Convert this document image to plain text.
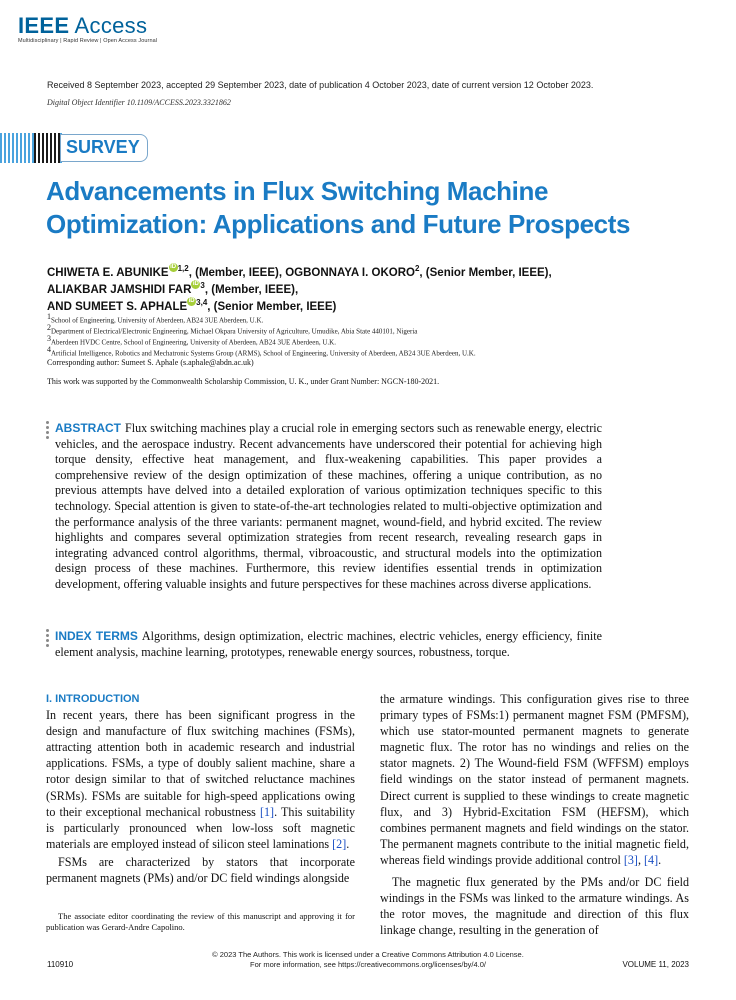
IEEE Access
Multidisciplinary | Rapid Review | Open Access Journal
Received 8 September 2023, accepted 29 September 2023, date of publication 4 October 2023, date of current version 12 October 2023.
Digital Object Identifier 10.1109/ACCESS.2023.3321862
SURVEY
Advancements in Flux Switching Machine
Optimization: Applications and Future Prospects
CHIWETA E. ABUNIKE iD $^{1,2}$, (Member, IEEE), OGBONNAYA I. OKORO$^2$, (Senior Member, IEEE),
ALIAKBAR JAMSHIDI FAR iD $^3$, (Member, IEEE),
AND SUMEET S. APHALE iD $^{3,4}$, (Senior Member, IEEE)
$^1$School of Engineering, University of Aberdeen, AB24 3UE Aberdeen, U.K.
$^2$Department of Electrical/Electronic Engineering, Michael Okpara University of Agriculture, Umudike, Abia State 440101, Nigeria
$^3$Aberdeen HVDC Centre, School of Engineering, University of Aberdeen, AB24 3UE Aberdeen, U.K.
$^4$Artificial Intelligence, Robotics and Mechatronic Systems Group (ARMS), School of Engineering, University of Aberdeen, AB24 3UE Aberdeen, U.K.
Corresponding author: Sumeet S. Aphale (s.aphale@abdn.ac.uk)
This work was supported by the Commonwealth Scholarship Commission, U. K., under Grant Number: NGCN-180-2021.
ABSTRACT Flux switching machines play a crucial role in emerging sectors such as renewable energy, electric vehicles, and the aerospace industry. Recent advancements have underscored their potential for achieving high torque density, effective heat management, and flux-weakening capabilities. This paper provides a comprehensive review of the design optimization of these machines, offering a unique contribution, as no previous attempts have delved into a detailed exploration of various optimization techniques specific to this technology. Special attention is given to state-of-the-art technologies related to multi-objective optimization and the performance analysis of the three variants: permanent magnet, wound-field, and hybrid excited. The review highlights and compares several optimization strategies from recent research, revealing research gaps in integrating advanced control algorithms, thermal, vibroacoustic, and structural models into the optimization design process of these machines. Furthermore, this review identifies essential trends in optimization development, offering valuable insights and future perspectives for these machines across diverse applications.
INDEX TERMS Algorithms, design optimization, electric machines, electric vehicles, energy efficiency, finite element analysis, machine learning, prototypes, renewable energy sources, robustness, torque.
I. INTRODUCTION

In recent years, there has been significant progress in the design and manufacture of flux switching machines (FSMs), attracting attention both in academic research and industrial applications. FSMs, a type of doubly salient machine, share a rotor design similar to that of switched reluctance machines (SRMs). FSMs are suitable for high-speed applications owing to their exceptional mechanical robustness [1]. This suitability is particularly pronounced when low-loss soft magnetic materials are employed instead of silicon steel laminations [2].

FSMs are characterized by stators that incorporate permanent magnets (PMs) and/or DC field windings alongside

the armature windings. This configuration gives rise to three primary types of FSMs:1) permanent magnet FSM (PMFSM), which use stator-mounted permanent magnets to generate magnetic flux. The rotor has no windings and relies on the stator magnets. 2) The Wound-field FSM (WFFSM) employs field windings on the stator instead of permanent magnets. Direct current is supplied to these windings to create magnetic flux, and 3) Hybrid-Excitation FSM (HEFSM), which combines permanent magnets and field windings on the stator. The permanent magnets contribute to the initial magnetic field, whereas field windings provide additional control [3], [4].

The magnetic flux generated by the PMs and/or DC field windings in the FSMs was linked to the armature windings. As the rotor moves, the magnitude and direction of this flux linkage change, resulting in the generation of

The associate editor coordinating the review of this manuscript and approving it for publication was Gerard-Andre Capolino.

© 2023 The Authors. This work is licensed under a Creative Commons Attribution 4.0 License.
For more information, see https://creativecommons.org/licenses/by/4.0/
110910	VOLUME 11, 2023
